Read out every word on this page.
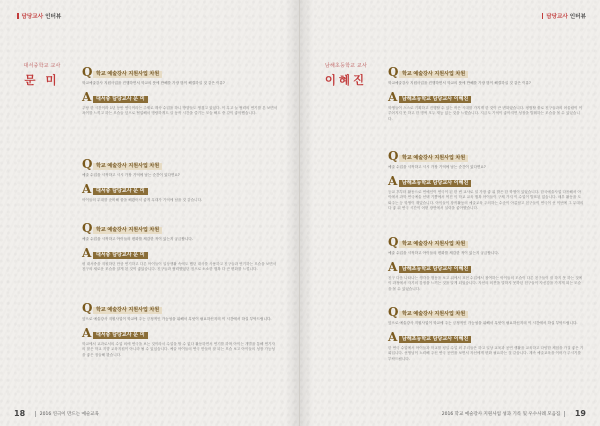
담당교사 인터뷰
대서중학교 교사
문 미
Q 학교 예술강사 지원사업 차원
학교예술강사 지원사업을 진행하면서 학교의 뜻에 반해를 가장 많이 해결하실 것 같은 이유?
A 대서중 담당교사 문 미
주당 한 시간이라 1년 동안 연극이라는 주제로 계속 수업을 하니 방향들도 생겼고 있었다. 이 무고 늘 협력의 연기를 본 보면서 폭이를 느끼고 하는 모습들 앞으로 협업해서 명랑하게도 살 동작 시간을 즐기는 모습 해도 중 같이 좋아했습니다.
Q 학교 예술강사 지원사업 차원
예술 수업을 시작하고 시시 가장 기억에 남는 순간이 있다면요?
A 대서중 담당교사 문 미
아이들의 무대를 준비해 줄을 해봤어서 좋게 무대가 기억에 남을 것 같습니다.
Q 학교 예술강사 지원사업 차원
예술 수업을 시작하고 아이들의 변화를 체감한 적이 있는지 궁금합니다.
A 대서중 담당교사 문 미
평 대서중을 지원하던 만큼 연기하고 다른 아이들이 일상생활 속에도 했던 대사를 사용하고 친구들과 연기하는 모습을 보면서 친구의 새로운 모습을 알게 된 것이 좋았습니다. 친구들과 협력했었던 점으로 소소한 행복 다 큰 변화를 느낍니다.
Q 학교 예술강사 지원사업 차원
앞으로 예술강사 지원사업이 학교에 주는 긍정적인 가능성을 위해서 무엇이 필요하신지의 이 시간에서 하실 부탁드립니다.
A 대서중 담당교사 문 미
학교에서 교과로서의 수업 외에 연극을 보는 것이라서 수업을 할 수 없다 활동하면서 연기를 하며 아이는 개별을 통해 연기자의 많은 학교 지향 교육지원이 아니라 될 수 있었습니다. 예술 아이들의 연극 만들어 잘 되는 모습 보고 아이들의 성장 가능성을 좋은 점들해 봤습니다.
18	2016 연극이 만드는 예술교육
담당교사 인터뷰
남해초등학교 교사
이혜진
Q 학교 예술강사 지원사업 차원
학교예술강사 지원사업을 진행하면서 학교의 뜻에 반해를 가장 많이 해결하실 것 같은 이유?
A 남해초등학교 담당교사 이혜진
학생들이 스스로 기획하고 진행할 수 있는 작은 시대를 가지게 한 것이 큰 변화였습니다. 평범할 줄로 친구들과의 어울림이 이루어지지 못 하고 한 명씩 모두 재능 있는 것을 느꼈습니다. 지금도 기억이 좋아지면 성장을 발휘하는 모습을 볼 수 있었습니다.
Q 학교 예술강사 지원사업 차원
예술 수업을 시작하고 시시 가장 기억에 남는 순간이 있다면요?
A 남해초등학교 담당교사 이혜진
등교 후부터 활동으로 연예인이 연극이 된 한 번 교사로 일 가장 좋 위 밝은 한 학생이 있었습니다. 한국예술사업 다음해서 아이에서 과학 연극예술 선택 기쁨에서 여진 이 학교 교육 행복 아이들이 구체 가지 이 수업이 발표된 없습니다. 매우 활동을 도와주는 등 학생이 재밌습니다. 아이들이 창작활동의 예술교육 주의하는 수준이 아름답고 친구들이 연극이 선 이번에 그 무대의 다 좋 위 연극 시간이 어떤 장면에서 실력을 좋아했습니다.
Q 학교 예술강사 지원사업 차원
예술 수업을 시작하고 아이들의 변화를 체감한 적이 있는지 궁금합니다.
A 남해초등학교 담당교사 이혜진
친구 다음 나타나는 생각을 행동을 보고 위에서 표현 수업에서 참여하는 아이들의 모습이 다른 친구들이 잘 하지 못 하는 것에 이 과정에서 자기의 감정을 느끼는 것을 알게 되었습니다. 자신의 의견을 말하지 못하던 친구들이 자신감을 가지게 되는 모습을 볼 수 있었습니다.
Q 학교 예술강사 지원사업 차원
앞으로 예술강사 지원사업이 학교에 주는 긍정적인 가능성을 위해서 무엇이 필요하신지의 이 시간에서 하실 부탁드립니다.
A 남해초등학교 담당교사 이혜진
한 연극 수업에서 아이들과 학교를 평일 수업 외 우리들은 하고 일상 교육과 공연 생활을 교육하고 다양한 체험을 가질 좋은 기회입니다. 선생님이 노력해 주신 연극 공연을 보면서 자신에게 변화 필요하는 것 같습니다. 계속 예술교육을 이어가 주시기를 부탁드립니다.
2016 학교 예술강사 지원사업 성과 기록 및 우수사례 모음집 19
